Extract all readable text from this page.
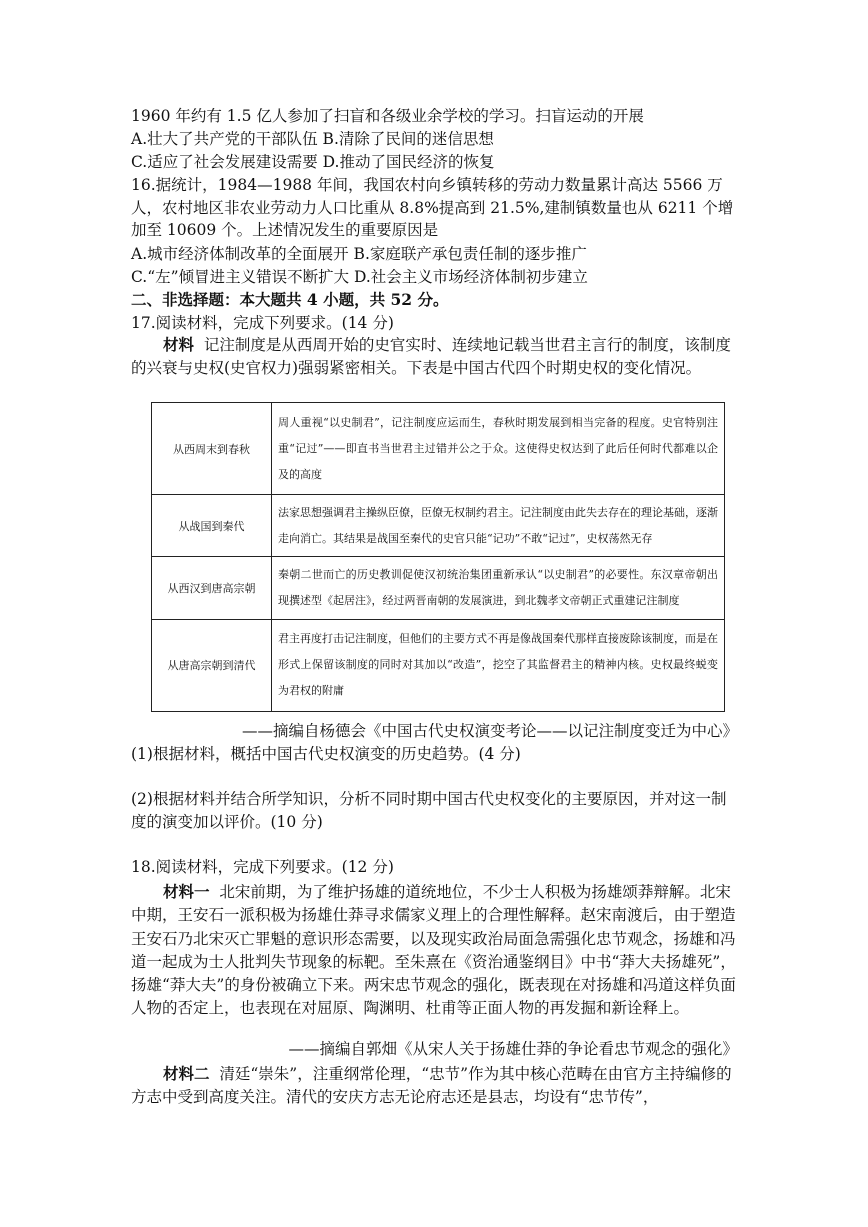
1960 年约有 1.5 亿人参加了扫盲和各级业余学校的学习。扫盲运动的开展
A.壮大了共产党的干部队伍 B.清除了民间的迷信思想
C.适应了社会发展建设需要 D.推动了国民经济的恢复
16.据统计，1984—1988 年间，我国农村向乡镇转移的劳动力数量累计高达 5566 万人，农村地区非农业劳动力人口比重从 8.8%提高到 21.5%,建制镇数量也从 6211 个增加至 10609 个。上述情况发生的重要原因是
A.城市经济体制改革的全面展开 B.家庭联产承包责任制的逐步推广
C.“左”倾冒进主义错误不断扩大 D.社会主义市场经济体制初步建立
二、非选择题：本大题共 4 小题，共 52 分。
17.阅读材料，完成下列要求。(14 分)
材料 记注制度是从西周开始的史官实时、连续地记载当世君主言行的制度，该制度的兴衰与史权(史官权力)强弱紧密相关。下表是中国古代四个时期史权的变化情况。
从西周末到春秋	周人重视“以史制君”，记注制度应运而生，春秋时期发展到相当完备的程度。史官特别注重“记过”——即直书当世君主过错并公之于众。这使得史权达到了此后任何时代都难以企及的高度
从战国到秦代	法家思想强调君主操纵臣僚，臣僚无权制约君主。记注制度由此失去存在的理论基础，逐渐走向消亡。其结果是战国至秦代的史官只能“记功”不敢“记过”，史权荡然无存
从西汉到唐高宗朝	秦朝二世而亡的历史教训促使汉初统治集团重新承认“以史制君”的必要性。东汉章帝朝出现撰述型《起居注》，经过两晋南朝的发展演进，到北魏孝文帝朝正式重建记注制度
从唐高宗朝到清代	君主再度打击记注制度，但他们的主要方式不再是像战国秦代那样直接废除该制度，而是在形式上保留该制度的同时对其加以“改造”，挖空了其监督君主的精神内核。史权最终蜕变为君权的附庸
——摘编自杨德会《中国古代史权演变考论——以记注制度变迁为中心》
(1)根据材料，概括中国古代史权演变的历史趋势。(4 分)
(2)根据材料并结合所学知识，分析不同时期中国古代史权变化的主要原因，并对这一制度的演变加以评价。(10 分)
18.阅读材料，完成下列要求。(12 分)
材料一 北宋前期，为了维护扬雄的道统地位，不少士人积极为扬雄颂莽辩解。北宋中期，王安石一派积极为扬雄仕莽寻求儒家义理上的合理性解释。赵宋南渡后，由于塑造王安石乃北宋灭亡罪魁的意识形态需要，以及现实政治局面急需强化忠节观念，扬雄和冯道一起成为士人批判失节现象的标靶。至朱熹在《资治通鉴纲目》中书“莽大夫扬雄死”，扬雄“莽大夫”的身份被确立下来。两宋忠节观念的强化，既表现在对扬雄和冯道这样负面人物的否定上，也表现在对屈原、陶渊明、杜甫等正面人物的再发掘和新诠释上。
——摘编自郭畑《从宋人关于扬雄仕莽的争论看忠节观念的强化》
材料二 清廷“崇朱”，注重纲常伦理，“忠节”作为其中核心范畴在由官方主持编修的方志中受到高度关注。清代的安庆方志无论府志还是县志，均设有“忠节传”，
